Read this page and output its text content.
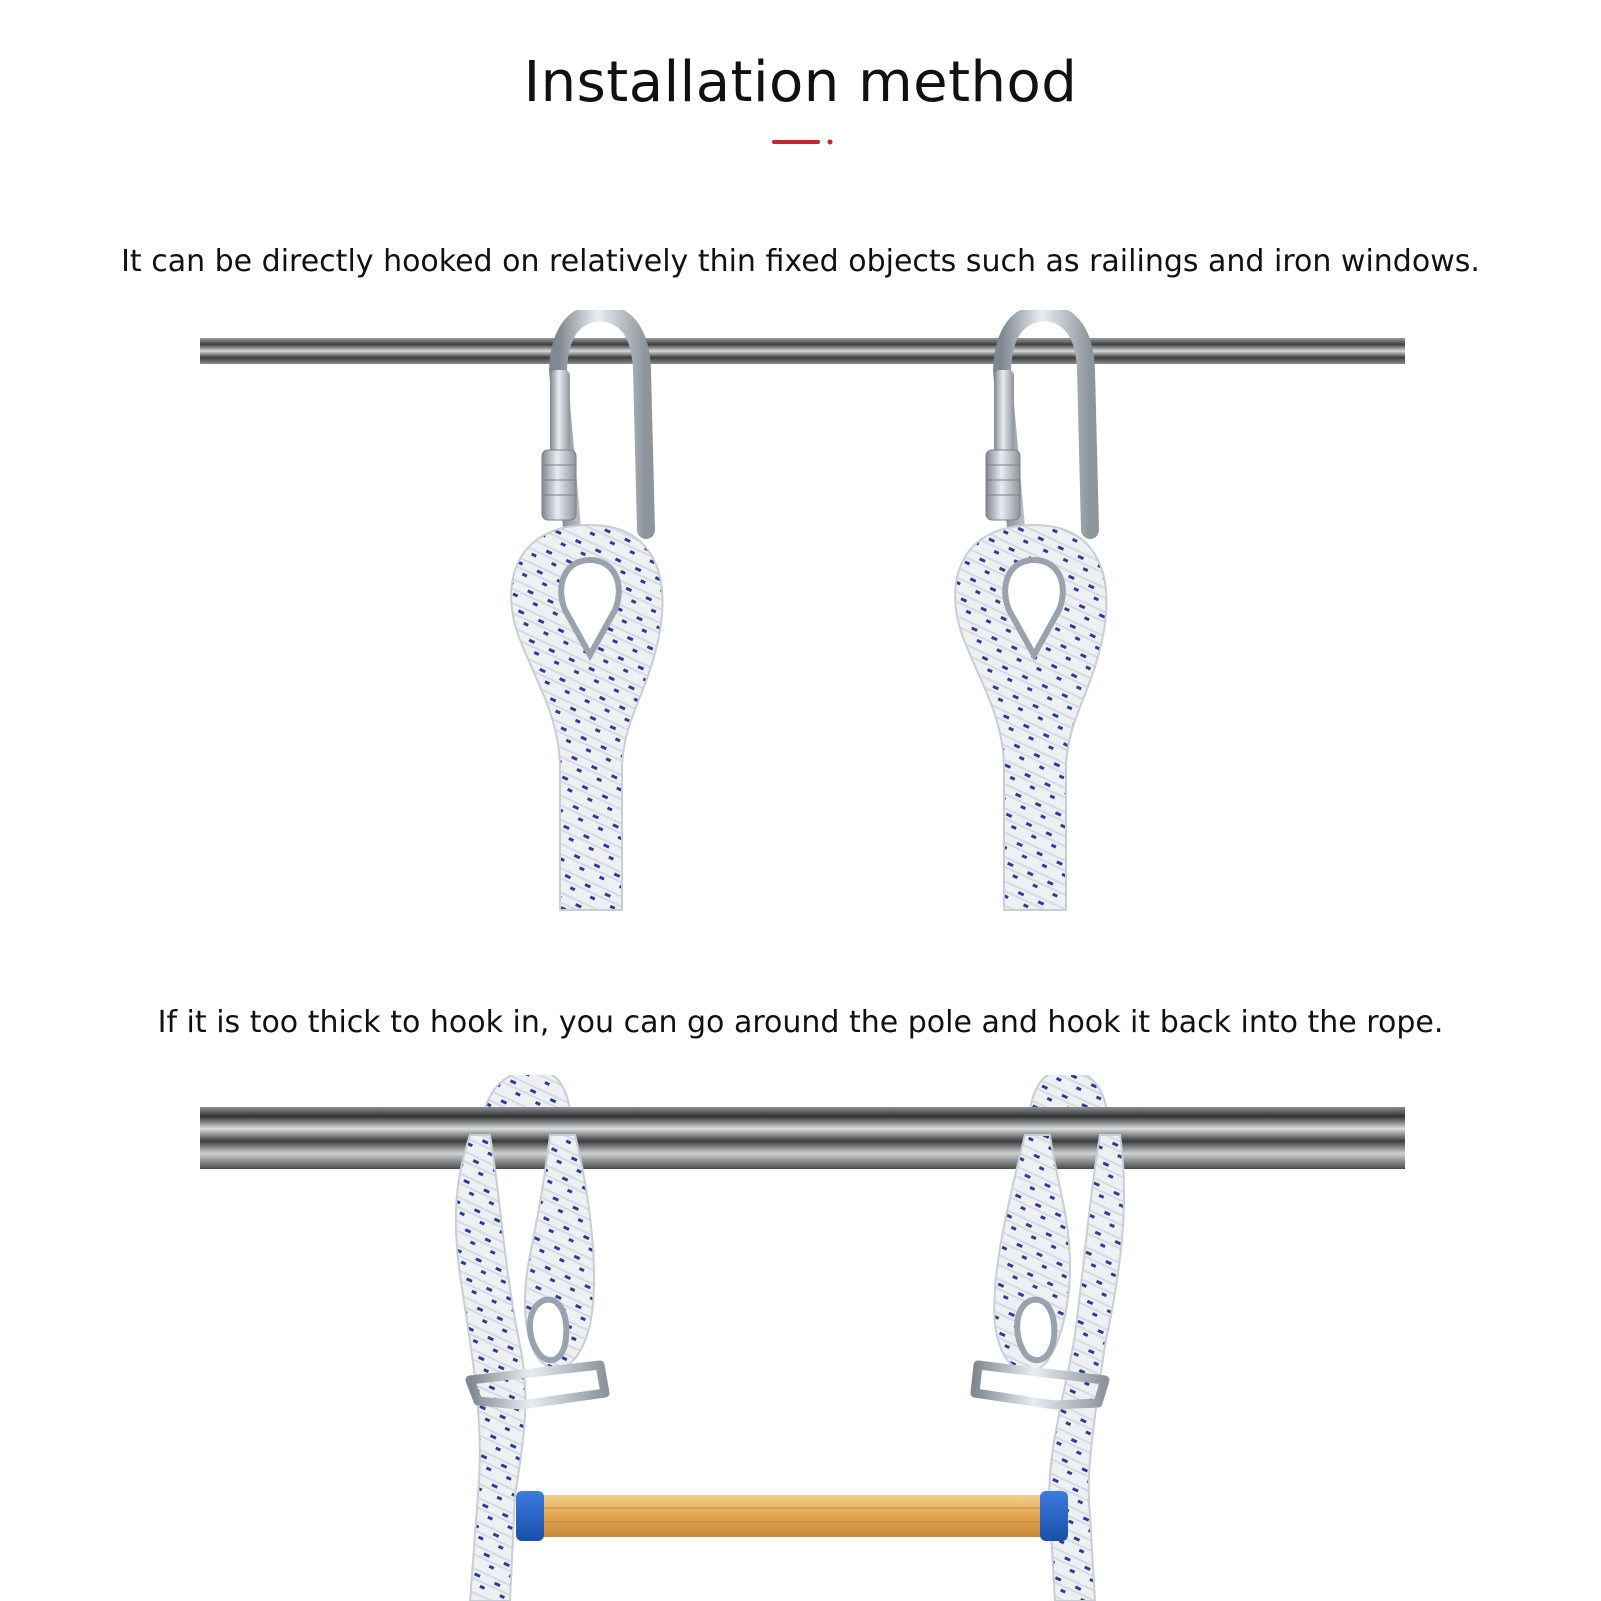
Installation method
It can be directly hooked on relatively thin fixed objects such as railings and iron windows.
If it is too thick to hook in, you can go around the pole and hook it back into the rope.
